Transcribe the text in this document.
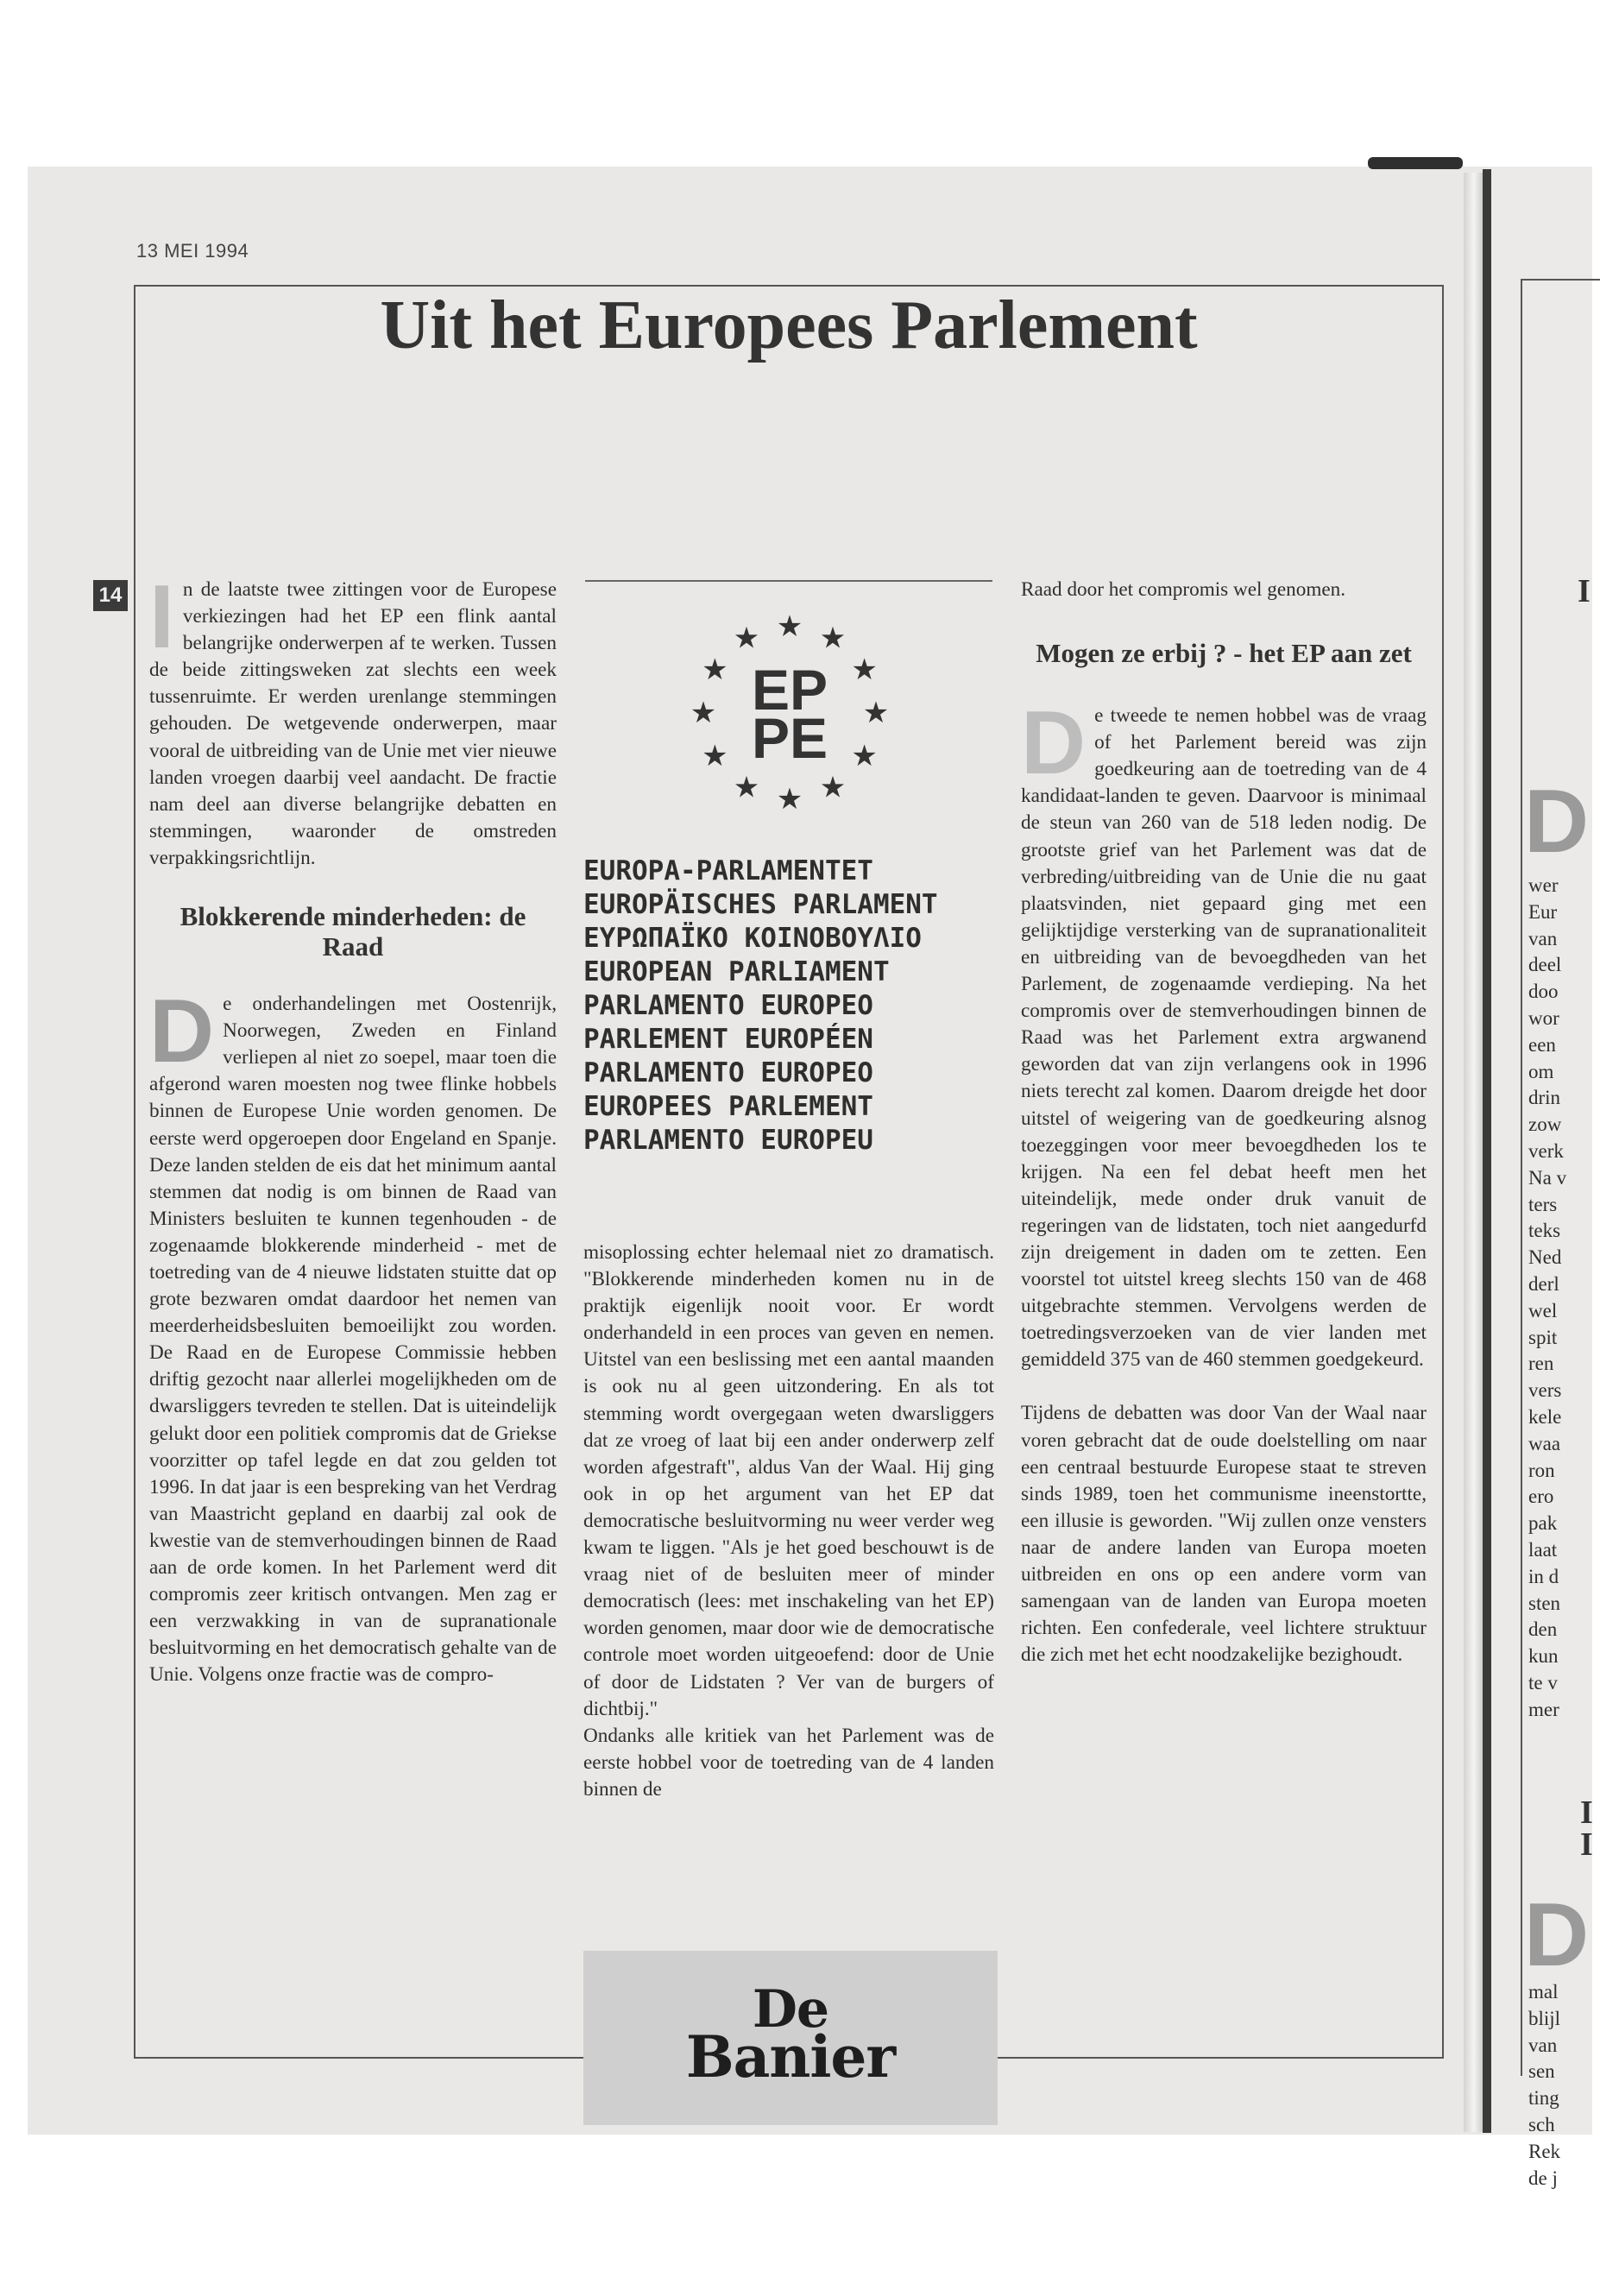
13 MEI 1994
Uit het Europees Parlement
14 In de laatste twee zittingen voor de Europese verkiezingen had het EP een flink aantal belangrijke onderwerpen af te werken. Tussen de beide zittingsweken zat slechts een week tussenruimte. Er werden urenlange stemmingen gehouden. De wetgevende onderwerpen, maar vooral de uitbreiding van de Unie met vier nieuwe landen vroegen daarbij veel aandacht. De fractie nam deel aan diverse belangrijke debatten en stemmingen, waaronder de omstreden verpakkingsrichtlijn.

Blokkerende minderheden: de Raad

De onderhandelingen met Oostenrijk, Noorwegen, Zweden en Finland verliepen al niet zo soepel, maar toen die afgerond waren moesten nog twee flinke hobbels binnen de Europese Unie worden genomen. De eerste werd opgeroepen door Engeland en Spanje. Deze landen stelden de eis dat het minimum aantal stemmen dat nodig is om binnen de Raad van Ministers besluiten te kunnen tegenhouden - de zogenaamde blokkerende minderheid - met de toetreding van de 4 nieuwe lidstaten stuitte dat op grote bezwaren omdat daardoor het nemen van meerderheidsbesluiten bemoeilijkt zou worden. De Raad en de Europese Commissie hebben driftig gezocht naar allerlei mogelijkheden om de dwarsliggers tevreden te stellen. Dat is uiteindelijk gelukt door een politiek compromis dat de Griekse voorzitter op tafel legde en dat zou gelden tot 1996. In dat jaar is een bespreking van het Verdrag van Maastricht gepland en daarbij zal ook de kwestie van de stemverhoudingen binnen de Raad aan de orde komen. In het Parlement werd dit compromis zeer kritisch ontvangen. Men zag er een verzwakking in van de supranationale besluitvorming en het democratisch gehalte van de Unie. Volgens onze fractie was de compro-

★ ★
★
★
★
★
★
★
★
★
★
★
EP
PE
EUROPA-PARLAMENTET
EUROPÄISCHES PARLAMENT
ΕΥΡΩΠΑΪΚΟ ΚΟΙΝΟΒΟΥΛΙΟ
EUROPEAN PARLIAMENT
PARLAMENTO EUROPEO
PARLEMENT EUROPÉEN
PARLAMENTO EUROPEO
EUROPEES PARLEMENT
PARLAMENTO EUROPEU

misoplossing echter helemaal niet zo dramatisch. "Blokkerende minderheden komen nu in de praktijk eigenlijk nooit voor. Er wordt onderhandeld in een proces van geven en nemen. Uitstel van een beslissing met een aantal maanden is ook nu al geen uitzondering. En als tot stemming wordt overgegaan weten dwarsliggers dat ze vroeg of laat bij een ander onderwerp zelf worden afgestraft", aldus Van der Waal. Hij ging ook in op het argument van het EP dat democratische besluitvorming nu weer verder weg kwam te liggen. "Als je het goed beschouwt is de vraag niet of de besluiten meer of minder democratisch (lees: met inschakeling van het EP) worden genomen, maar door wie de democratische controle moet worden uitgeoefend: door de Unie of door de Lidstaten ? Ver van de burgers of dichtbij."

Ondanks alle kritiek van het Parlement was de eerste hobbel voor de toetreding van de 4 landen binnen de

De
Banier

Raad door het compromis wel genomen.

Mogen ze erbij ? - het EP aan zet

De tweede te nemen hobbel was de vraag of het Parlement bereid was zijn goedkeuring aan de toetreding van de 4 kandidaat-landen te geven. Daarvoor is minimaal de steun van 260 van de 518 leden nodig. De grootste grief van het Parlement was dat de verbreding/uitbreiding van de Unie die nu gaat plaatsvinden, niet gepaard ging met een gelijktijdige versterking van de supranationaliteit en uitbreiding van de bevoegdheden van het Parlement, de zogenaamde verdieping. Na het compromis over de stemverhoudingen binnen de Raad was het Parlement extra argwanend geworden dat van zijn verlangens ook in 1996 niets terecht zal komen. Daarom dreigde het door uitstel of weigering van de goedkeuring alsnog toezeggingen voor meer bevoegdheden los te krijgen. Na een fel debat heeft men het uiteindelijk, mede onder druk vanuit de regeringen van de lidstaten, toch niet aangedurfd zijn dreigement in daden om te zetten. Een voorstel tot uitstel kreeg slechts 150 van de 468 uitgebrachte stemmen. Vervolgens werden de toetredingsverzoeken van de vier landen met gemiddeld 375 van de 460 stemmen goedgekeurd.

Tijdens de debatten was door Van der Waal naar voren gebracht dat de oude doelstelling om naar een centraal bestuurde Europese staat te streven sinds 1989, toen het communisme ineenstortte, een illusie is geworden. "Wij zullen onze vensters naar de andere landen van Europa moeten uitbreiden en ons op een andere vorm van samengaan van de landen van Europa moeten richten. Een confederale, veel lichtere struktuur die zich met het echt noodzakelijke bezighoudt.

I
D
wer
Eur
van
deel
doo
wor
een
om
drin
zow
verk
Na v
ters
teks
Ned
derl
wel
spit
ren
vers
kele
waa
ron
ero
pak
laat
in d
sten
den
kun
te v
mer
I
I
D
mal
blijl
van
sen
ting
sch
Rek
de j
